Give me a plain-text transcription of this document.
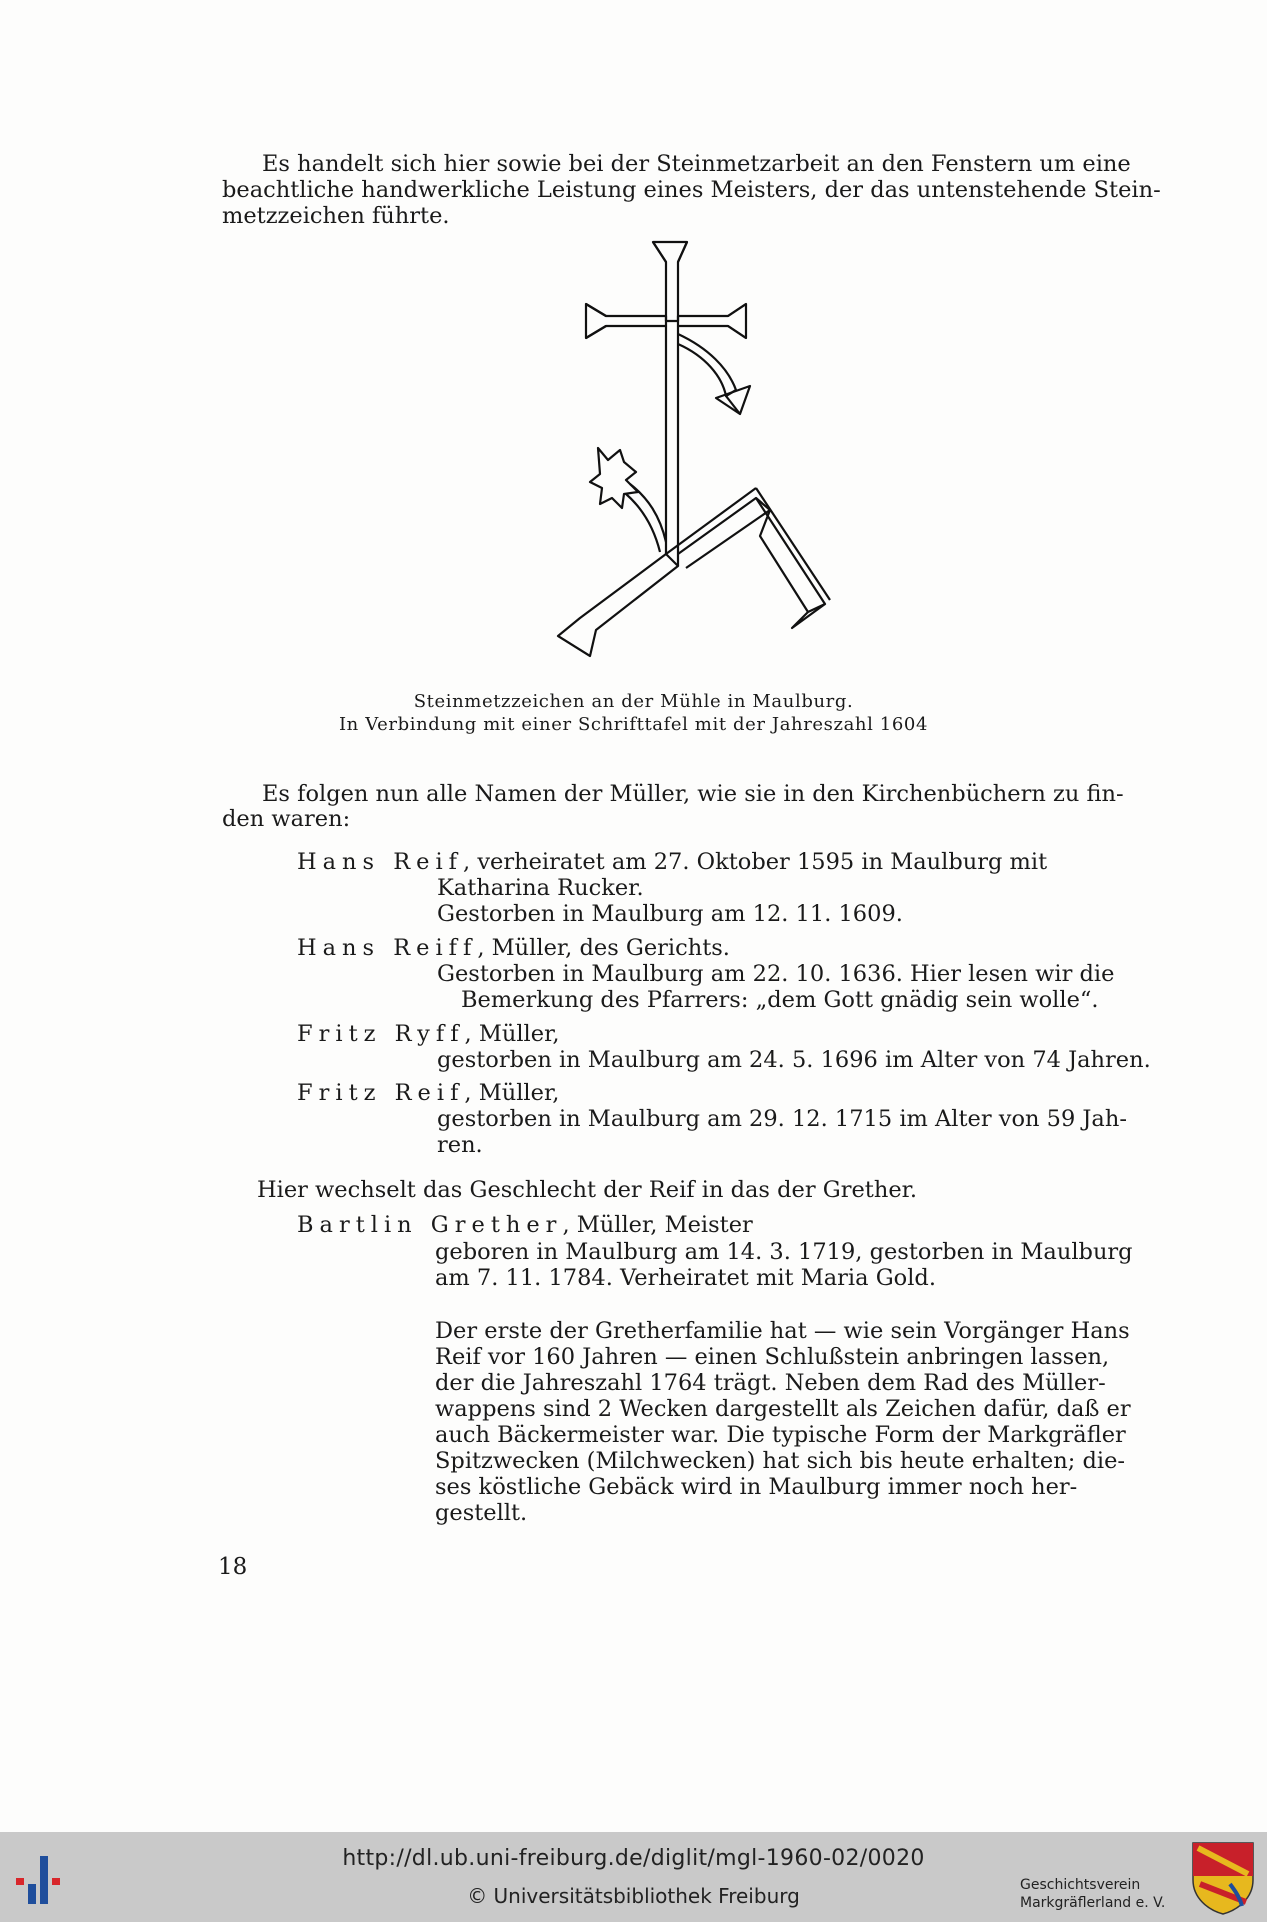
Es handelt sich hier sowie bei der Steinmetzarbeit an den Fenstern um eine
beachtliche handwerkliche Leistung eines Meisters, der das untenstehende Stein-
metzzeichen führte.
Steinmetzzeichen an der Mühle in Maulburg.
In Verbindung mit einer Schrifttafel mit der Jahreszahl 1604
Es folgen nun alle Namen der Müller, wie sie in den Kirchenbüchern zu fin-
den waren:
Hans Reif, verheiratet am 27. Oktober 1595 in Maulburg mit
Katharina Rucker.
Gestorben in Maulburg am 12. 11. 1609.
Hans Reiff, Müller, des Gerichts.
Gestorben in Maulburg am 22. 10. 1636. Hier lesen wir die
Bemerkung des Pfarrers: „dem Gott gnädig sein wolle“.
Fritz Ryff, Müller,
gestorben in Maulburg am 24. 5. 1696 im Alter von 74 Jahren.
Fritz Reif, Müller,
gestorben in Maulburg am 29. 12. 1715 im Alter von 59 Jah-
ren.
Hier wechselt das Geschlecht der Reif in das der Grether.
Bartlin Grether, Müller, Meister
geboren in Maulburg am 14. 3. 1719, gestorben in Maulburg
am 7. 11. 1784. Verheiratet mit Maria Gold.
Der erste der Gretherfamilie hat — wie sein Vorgänger Hans
Reif vor 160 Jahren — einen Schlußstein anbringen lassen,
der die Jahreszahl 1764 trägt. Neben dem Rad des Müller-
wappens sind 2 Wecken dargestellt als Zeichen dafür, daß er
auch Bäckermeister war. Die typische Form der Markgräfler
Spitzwecken (Milchwecken) hat sich bis heute erhalten; die-
ses köstliche Gebäck wird in Maulburg immer noch her-
gestellt.
18
http://dl.ub.uni-freiburg.de/diglit/mgl-1960-02/0020
© Universitätsbibliothek Freiburg	Geschichtsverein
Markgräflerland e. V.
